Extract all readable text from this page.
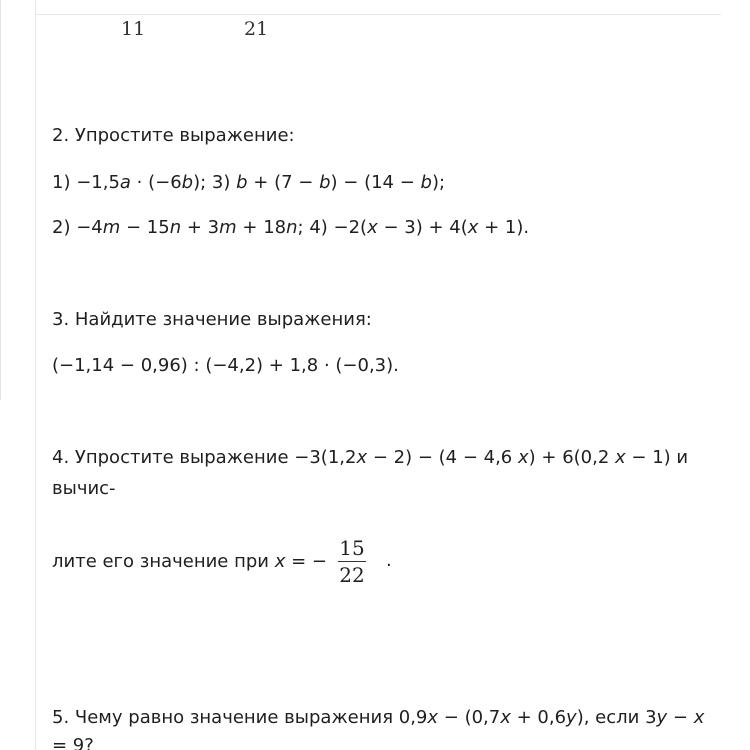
11	21
2. Упростите выражение:
1) −1,5a · (−6b); 3) b + (7 − b) − (14 − b);
2) −4m − 15n + 3m + 18n; 4) −2(x − 3) + 4(x + 1).
3. Найдите значение выражения:
(−1,14 − 0,96) : (−4,2) + 1,8 · (−0,3).
4. Упростите выражение −3(1,2x − 2) − (4 − 4,6 x) + 6(0,2 x − 1) и
вычис-
лите его значение при x = −
15
22
.
5. Чему равно значение выражения 0,9x − (0,7x + 0,6y), если 3y − x
= 9?
